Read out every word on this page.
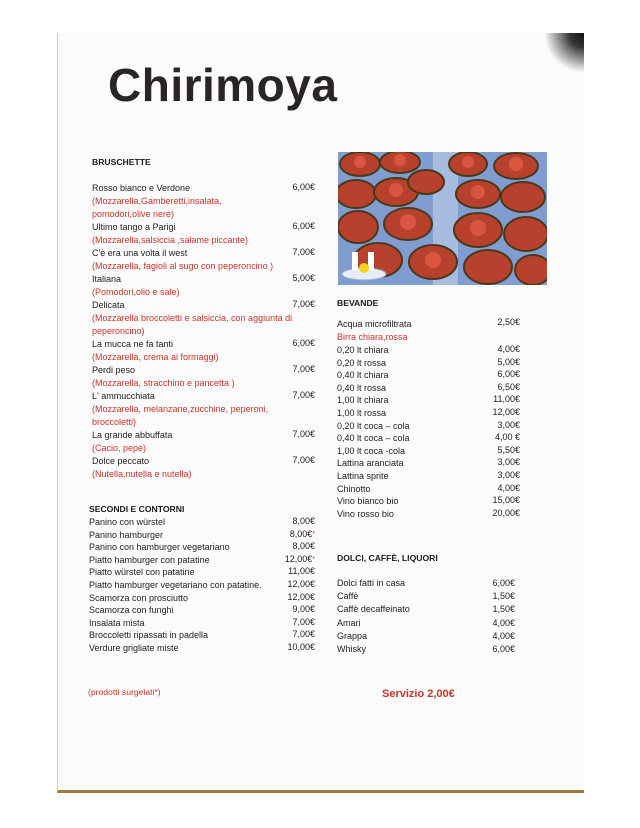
Chirimoya
BRUSCHETTE
Rosso bianco e Verdone	6,00€
(Mozzarella,Gamberetti,insalata,
pomodori,olive nere)
Ultimo tango a Parigi	6,00€
(Mozzarella,salsiccia ,salame piccante)
C'è era una volta il west	7,00€
(Mozzarella, fagioli al sugo con peperoncino )
Italiana	5,00€
(Pomodori,olio e sale)
Delicata	7,00€
(Mozzarella broccoletti e salsiccia, con aggiunta di
peperoncino)
La mucca ne fa tanti	6,00€
(Mozzarella, crema ai formaggi)
Perdi peso	7,00€
(Mozzarella, stracchino e pancetta )
L' ammucchiata	7,00€
(Mozzarella, melanzane,zucchine, peperoni,
broccoletti)
La grande abbuffata	7,00€
(Cacio, pepe)
Dolce peccato	7,00€
(Nutella,nutella e nutella)
BEVANDE
Acqua microfiltrata	2,50€
Birra chiara,rossa
0,20 lt chiara	4,00€
0,20 lt rossa	5,00€
0,40 lt chiara	6,00€
0,40 lt rossa	6,50€
1,00 lt chiara	11,00€
1,00 lt rossa	12,00€
0,20 lt coca – cola	3,00€
0,40 lt coca – cola	4,00 €
1,00 lt coca -cola	5,50€
Lattina aranciata	3,00€
Lattina sprite	3,00€
Chinotto	4,00€
Vino bianco bio	15,00€
Vino rosso bio	20,00€
DOLCI, CAFFÈ, LIQUORI
Dolci fatti in casa	6,00€
Caffè	1,50€
Caffè decaffeinato	1,50€
Amari	4,00€
Grappa	4,00€
Whisky	6,00€
SECONDI E CONTORNI
Panino con würstel	8,00€
Panino hamburger	8,00€*
Panino con hamburger vegetariano	8,00€
Piatto hamburger con patatine	12,00€*
Piatto würstel con patatine	11,00€
Piatto hamburger vegetariano con patatine.	12,00€
Scamorza con prosciutto	12,00€
Scamorza con funghi	9,00€
Insalata mista	7,00€
Broccoletti ripassati in padella	7,00€
Verdure grigliate miste	10,00€
(prodotti surgelati*)	Servizio 2,00€
